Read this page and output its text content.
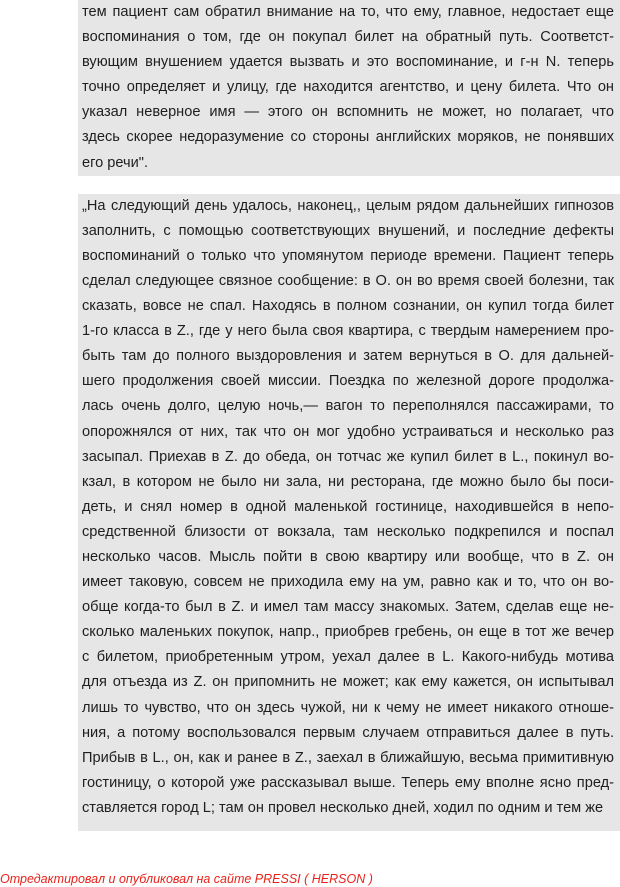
тем пациент сам обратил внимание на то, что ему, главное, недостает еще
воспоминания о том, где он покупал билет на обратный путь. Соответст-
вующим внушением удается вызвать и это воспоминание, и г-н N. теперь
точно определяет и улицу, где находится агентство, и цену билета. Что он
указал неверное имя — этого он вспомнить не может, но полагает, что
здесь скорее недоразумение со стороны английских моряков, не понявших
его речи".

„На следующий день удалось, наконец,, целым рядом дальнейших гипнозов
заполнить, с помощью соответствующих внушений, и последние дефекты
воспоминаний о только что упомянутом периоде времени. Пациент теперь
сделал следующее связное сообщение: в О. он во время своей болезни, так
сказать, вовсе не спал. Находясь в полном сознании, он купил тогда билет
1-го класса в Z., где у него была своя квартира, с твердым намерением про-
быть там до полного выздоровления и затем вернуться в О. для дальней-
шего продолжения своей миссии. Поездка по железной дороге продолжа-
лась очень долго, целую ночь,— вагон то переполнялся пассажирами, то
опорожнялся от них, так что он мог удобно устраиваться и несколько раз
засыпал. Приехав в Z. до обеда, он тотчас же купил билет в L., покинул во-
кзал, в котором не было ни зала, ни ресторана, где можно было бы поси-
деть, и снял номер в одной маленькой гостинице, находившейся в непо-
средственной близости от вокзала, там несколько подкрепился и поспал
несколько часов. Мысль пойти в свою квартиру или вообще, что в Z. он
имеет таковую, совсем не приходила ему на ум, равно как и то, что он во-
обще когда-то был в Z. и имел там массу знакомых. Затем, сделав еще не-
сколько маленьких покупок, напр., приобрев гребень, он еще в тот же вечер
с билетом, приобретенным утром, уехал далее в L. Какого-нибудь мотива
для отъезда из Z. он припомнить не может; как ему кажется, он испытывал
лишь то чувство, что он здесь чужой, ни к чему не имеет никакого отноше-
ния, а потому воспользовался первым случаем отправиться далее в путь.
Прибыв в L., он, как и ранее в Z., заехал в ближайшую, весьма примитивную
гостиницу, о которой уже рассказывал выше. Теперь ему вполне ясно пред-
ставляется город L; там он провел несколько дней, ходил по одним и тем же

Отредактировал и опубликовал на сайте PRESSI ( HERSON )
